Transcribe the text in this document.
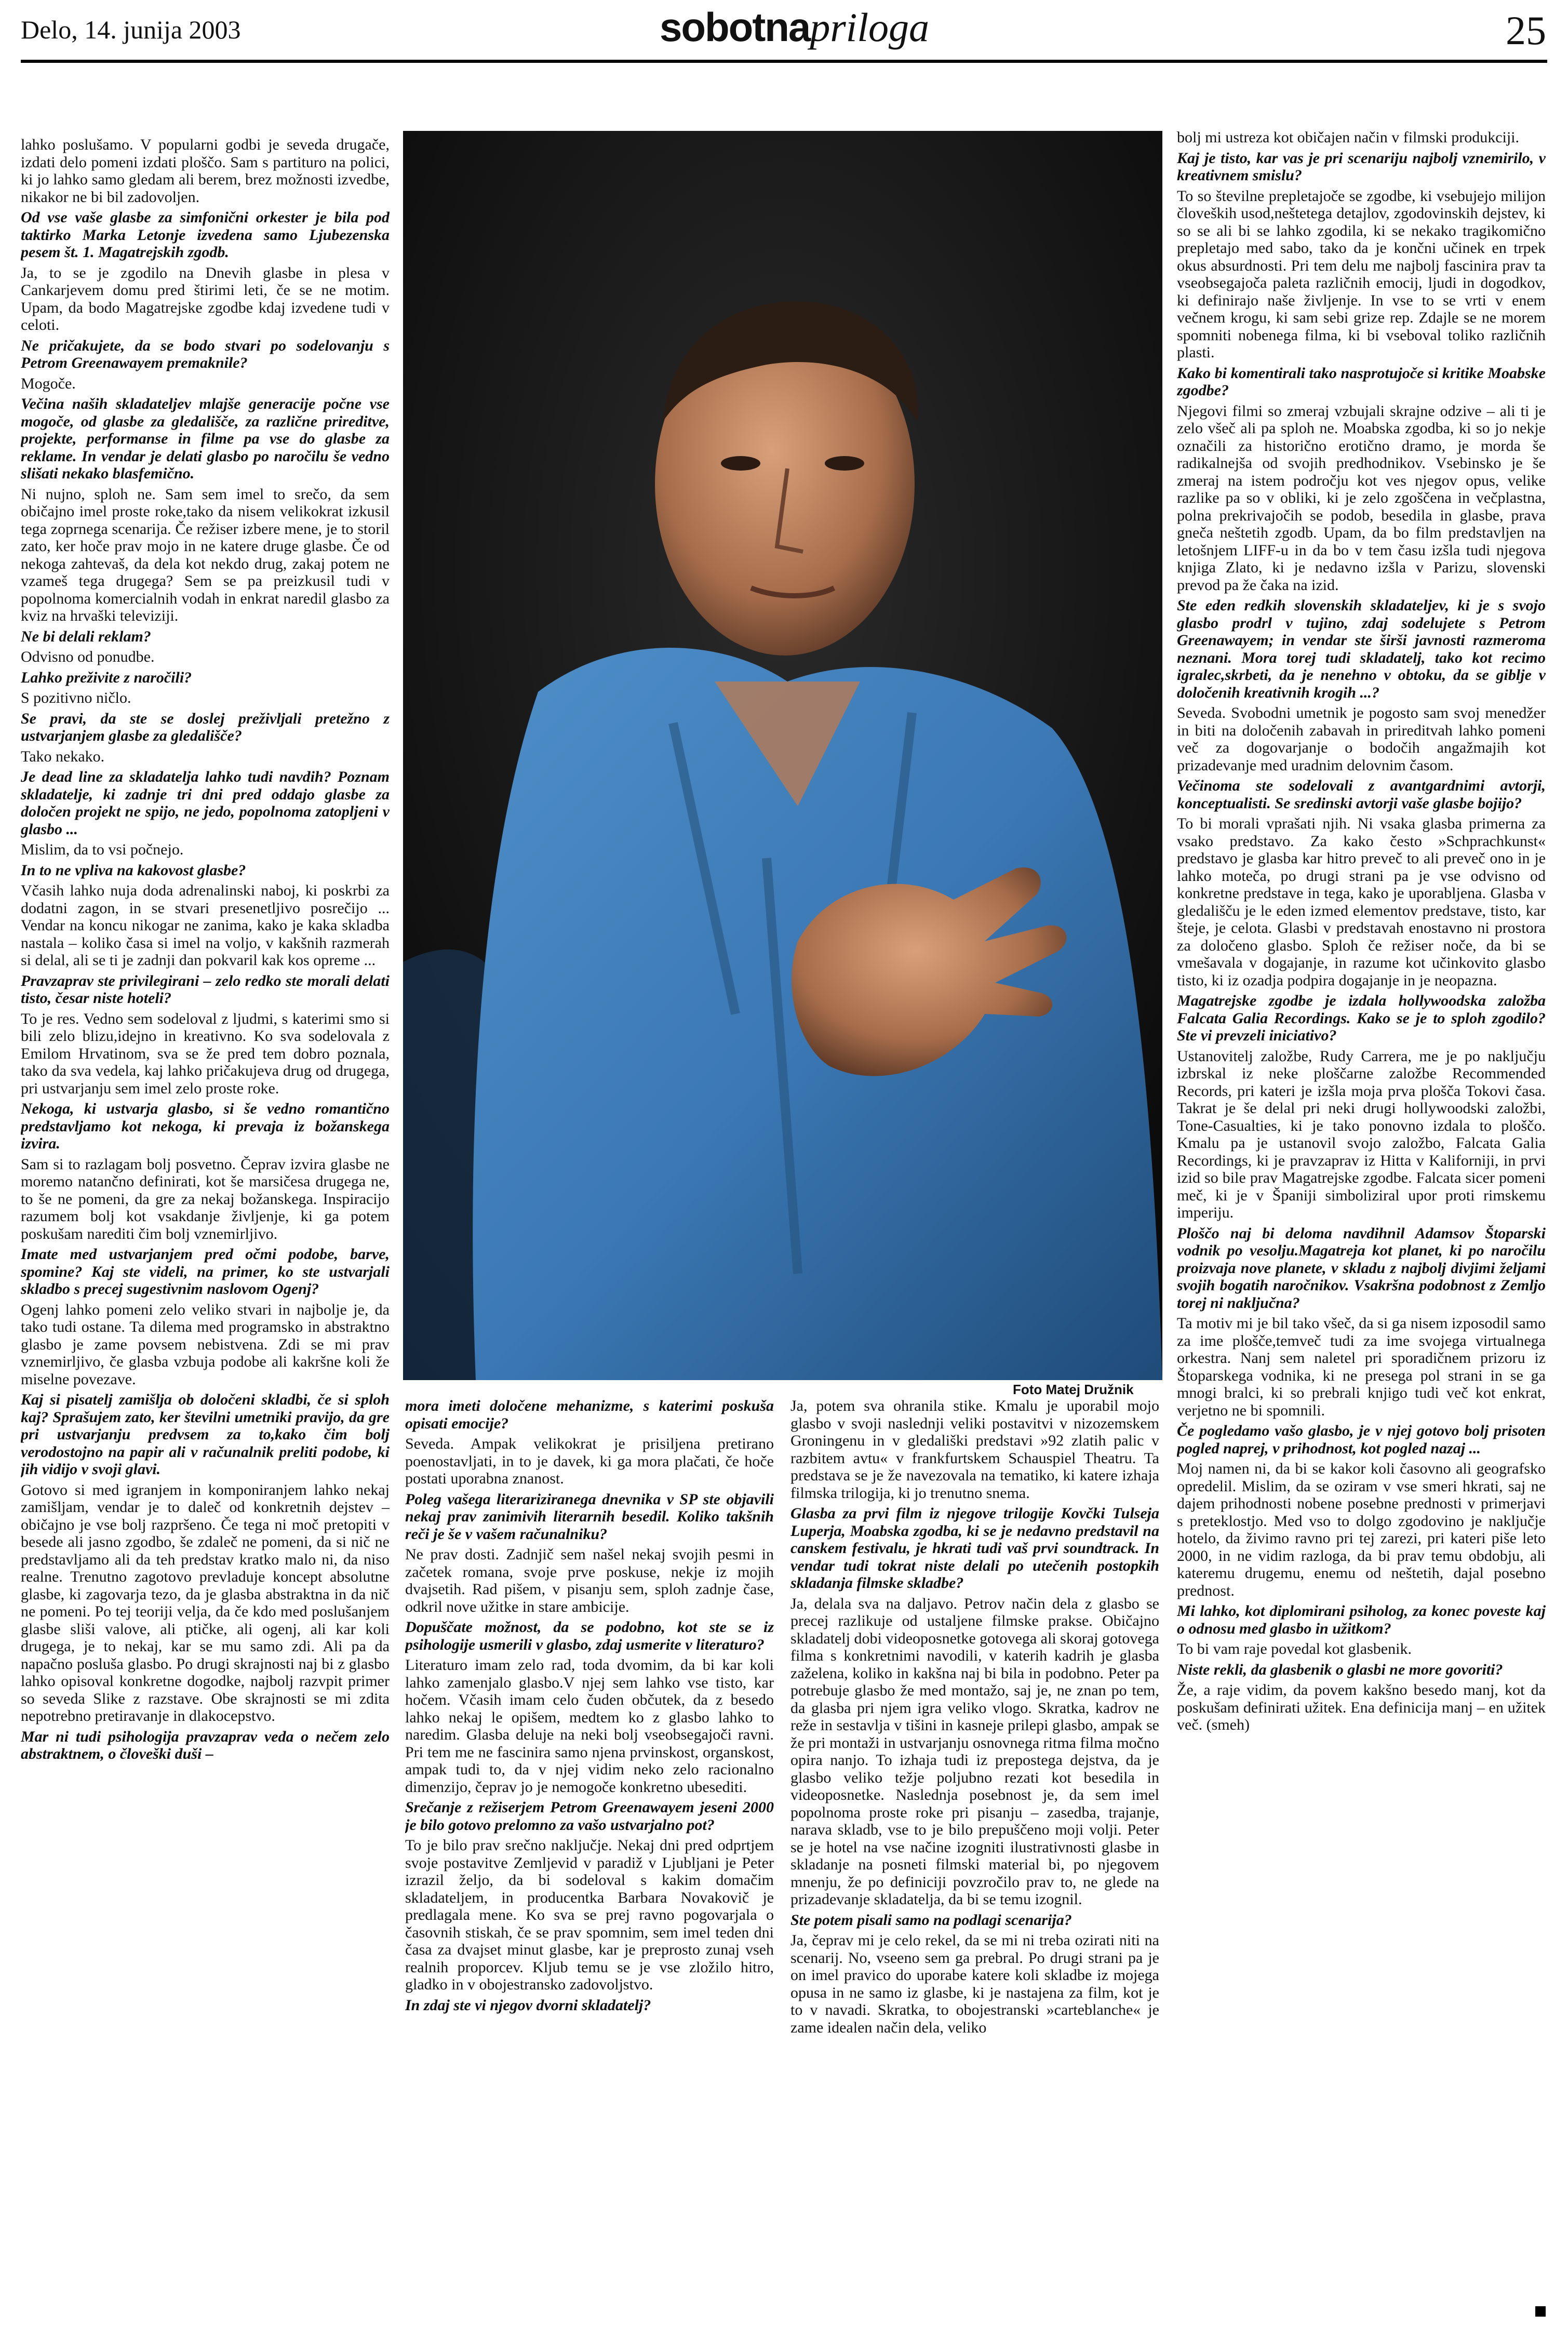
Delo, 14. junija 2003	sobotnapriloga	25

lahko poslušamo. V popularni godbi je seveda drugače, izdati delo pomeni izdati ploščo. Sam s partituro na polici, ki jo lahko samo gledam ali berem, brez možnosti izvedbe, nikakor ne bi bil zadovoljen.

Od vse vaše glasbe za simfonični orkester je bila pod taktirko Marka Letonje izvedena samo Ljubezenska pesem št. 1. Magatrejskih zgodb.

Ja, to se je zgodilo na Dnevih glasbe in plesa v Cankarjevem domu pred štirimi leti, če se ne motim. Upam, da bodo Magatrejske zgodbe kdaj izvedene tudi v celoti.

Ne pričakujete, da se bodo stvari po sodelovanju s Petrom Greenawayem premaknile?

Mogoče.

Večina naših skladateljev mlajše generacije počne vse mogoče, od glasbe za gledališče, za različne prireditve, projekte, performanse in filme pa vse do glasbe za reklame. In vendar je delati glasbo po naročilu še vedno slišati nekako blasfemično.

Ni nujno, sploh ne. Sam sem imel to srečo, da sem običajno imel proste roke,tako da nisem velikokrat izkusil tega zoprnega scenarija. Če režiser izbere mene, je to storil zato, ker hoče prav mojo in ne katere druge glasbe. Če od nekoga zahtevaš, da dela kot nekdo drug, zakaj potem ne vzameš tega drugega? Sem se pa preizkusil tudi v popolnoma komercialnih vodah in enkrat naredil glasbo za kviz na hrvaški televiziji.

Ne bi delali reklam?

Odvisno od ponudbe.

Lahko preživite z naročili?

S pozitivno ničlo.

Se pravi, da ste se doslej preživljali pretežno z ustvarjanjem glasbe za gledališče?

Tako nekako.

Je dead line za skladatelja lahko tudi navdih? Poznam skladatelje, ki zadnje tri dni pred oddajo glasbe za določen projekt ne spijo, ne jedo, popolnoma zatopljeni v glasbo ...

Mislim, da to vsi počnejo.

In to ne vpliva na kakovost glasbe?

Včasih lahko nuja doda adrenalinski naboj, ki poskrbi za dodatni zagon, in se stvari presenetljivo posrečijo ... Vendar na koncu nikogar ne zanima, kako je kaka skladba nastala – koliko časa si imel na voljo, v kakšnih razmerah si delal, ali se ti je zadnji dan pokvaril kak kos opreme ...

Pravzaprav ste privilegirani – zelo redko ste morali delati tisto, česar niste hoteli?

To je res. Vedno sem sodeloval z ljudmi, s katerimi smo si bili zelo blizu,idejno in kreativno. Ko sva sodelovala z Emilom Hrvatinom, sva se že pred tem dobro poznala, tako da sva vedela, kaj lahko pričakujeva drug od drugega, pri ustvarjanju sem imel zelo proste roke.

Nekoga, ki ustvarja glasbo, si še vedno romantično predstavljamo kot nekoga, ki prevaja iz božanskega izvira.

Sam si to razlagam bolj posvetno. Čeprav izvira glasbe ne moremo natančno definirati, kot še marsičesa drugega ne, to še ne pomeni, da gre za nekaj božanskega. Inspiracijo razumem bolj kot vsakdanje življenje, ki ga potem poskušam narediti čim bolj vznemirljivo.

Imate med ustvarjanjem pred očmi podobe, barve, spomine? Kaj ste videli, na primer, ko ste ustvarjali skladbo s precej sugestivnim naslovom Ogenj?

Ogenj lahko pomeni zelo veliko stvari in najbolje je, da tako tudi ostane. Ta dilema med programsko in abstraktno glasbo je zame povsem nebistvena. Zdi se mi prav vznemirljivo, če glasba vzbuja podobe ali kakršne koli že miselne povezave.

Kaj si pisatelj zamišlja ob določeni skladbi, če si sploh kaj? Sprašujem zato, ker številni umetniki pravijo, da gre pri ustvarjanju predvsem za to,kako čim bolj verodostojno na papir ali v računalnik preliti podobe, ki jih vidijo v svoji glavi.

Gotovo si med igranjem in komponiranjem lahko nekaj zamišljam, vendar je to daleč od konkretnih dejstev – običajno je vse bolj razpršeno. Če tega ni moč pretopiti v besede ali jasno zgodbo, še zdaleč ne pomeni, da si nič ne predstavljamo ali da teh predstav kratko malo ni, da niso realne. Trenutno zagotovo prevladuje koncept absolutne glasbe, ki zagovarja tezo, da je glasba abstraktna in da nič ne pomeni. Po tej teoriji velja, da če kdo med poslušanjem glasbe sliši valove, ali ptičke, ali ogenj, ali kar koli drugega, je to nekaj, kar se mu samo zdi. Ali pa da napačno posluša glasbo. Po drugi skrajnosti naj bi z glasbo lahko opisoval konkretne dogodke, najbolj razvpit primer so seveda Slike z razstave. Obe skrajnosti se mi zdita nepotrebno pretiravanje in dlakocepstvo.

Mar ni tudi psihologija pravzaprav veda o nečem zelo abstraktnem, o človeški duši –

Foto Matej Družnik

mora imeti določene mehanizme, s katerimi poskuša opisati emocije?

Seveda. Ampak velikokrat je prisiljena pretirano poenostavljati, in to je davek, ki ga mora plačati, če hoče postati uporabna znanost.

Poleg vašega literariziranega dnevnika v SP ste objavili nekaj prav zanimivih literarnih besedil. Koliko takšnih reči je še v vašem računalniku?

Ne prav dosti. Zadnjič sem našel nekaj svojih pesmi in začetek romana, svoje prve poskuse, nekje iz mojih dvajsetih. Rad pišem, v pisanju sem, sploh zadnje čase, odkril nove užitke in stare ambicije.

Dopuščate možnost, da se podobno, kot ste se iz psihologije usmerili v glasbo, zdaj usmerite v literaturo?

Literaturo imam zelo rad, toda dvomim, da bi kar koli lahko zamenjalo glasbo.V njej sem lahko vse tisto, kar hočem. Včasih imam celo čuden občutek, da z besedo lahko nekaj le opišem, medtem ko z glasbo lahko to naredim. Glasba deluje na neki bolj vseobsegajoči ravni. Pri tem me ne fascinira samo njena prvinskost, organskost, ampak tudi to, da v njej vidim neko zelo racionalno dimenzijo, čeprav jo je nemogoče konkretno ubesediti.

Srečanje z režiserjem Petrom Greenawayem jeseni 2000 je bilo gotovo prelomno za vašo ustvarjalno pot?

To je bilo prav srečno naključje. Nekaj dni pred odprtjem svoje postavitve Zemljevid v paradiž v Ljubljani je Peter izrazil željo, da bi sodeloval s kakim domačim skladateljem, in producentka Barbara Novakovič je predlagala mene. Ko sva se prej ravno pogovarjala o časovnih stiskah, če se prav spomnim, sem imel teden dni časa za dvajset minut glasbe, kar je preprosto zunaj vseh realnih proporcev. Kljub temu se je vse zložilo hitro, gladko in v obojestransko zadovoljstvo.

In zdaj ste vi njegov dvorni skladatelj?

Ja, potem sva ohranila stike. Kmalu je uporabil mojo glasbo v svoji naslednji veliki postavitvi v nizozemskem Groningenu in v gledališki predstavi »92 zlatih palic v razbitem avtu« v frankfurtskem Schauspiel Theatru. Ta predstava se je že navezovala na tematiko, ki katere izhaja filmska trilogija, ki jo trenutno snema.

Glasba za prvi film iz njegove trilogije Kovčki Tulseja Luperja, Moabska zgodba, ki se je nedavno predstavil na canskem festivalu, je hkrati tudi vaš prvi soundtrack. In vendar tudi tokrat niste delali po utečenih postopkih skladanja filmske skladbe?

Ja, delala sva na daljavo. Petrov način dela z glasbo se precej razlikuje od ustaljene filmske prakse. Običajno skladatelj dobi videoposnetke gotovega ali skoraj gotovega filma s konkretnimi navodili, v katerih kadrih je glasba zaželena, koliko in kakšna naj bi bila in podobno. Peter pa potrebuje glasbo že med montažo, saj je, ne znan po tem, da glasba pri njem igra veliko vlogo. Skratka, kadrov ne reže in sestavlja v tišini in kasneje prilepi glasbo, ampak se že pri montaži in ustvarjanju osnovnega ritma filma močno opira nanjo. To izhaja tudi iz prepostega dejstva, da je glasbo veliko težje poljubno rezati kot besedila in videoposnetke. Naslednja posebnost je, da sem imel popolnoma proste roke pri pisanju – zasedba, trajanje, narava skladb, vse to je bilo prepuščeno moji volji. Peter se je hotel na vse načine izogniti ilustrativnosti glasbe in skladanje na posneti filmski material bi, po njegovem mnenju, že po definiciji povzročilo prav to, ne glede na prizadevanje skladatelja, da bi se temu izognil.

Ste potem pisali samo na podlagi scenarija?

Ja, čeprav mi je celo rekel, da se mi ni treba ozirati niti na scenarij. No, vseeno sem ga prebral. Po drugi strani pa je on imel pravico do uporabe katere koli skladbe iz mojega opusa in ne samo iz glasbe, ki je nastajena za film, kot je to v navadi. Skratka, to obojestranski »carteblanche« je zame idealen način dela, veliko

bolj mi ustreza kot običajen način v filmski produkciji.

Kaj je tisto, kar vas je pri scenariju najbolj vznemirilo, v kreativnem smislu?

To so številne prepletajoče se zgodbe, ki vsebujejo milijon človeških usod,neštetega detajlov, zgodovinskih dejstev, ki so se ali bi se lahko zgodila, ki se nekako tragikomično prepletajo med sabo, tako da je končni učinek en trpek okus absurdnosti. Pri tem delu me najbolj fascinira prav ta vseobsegajoča paleta različnih emocij, ljudi in dogodkov, ki definirajo naše življenje. In vse to se vrti v enem večnem krogu, ki sam sebi grize rep. Zdajle se ne morem spomniti nobenega filma, ki bi vseboval toliko različnih plasti.

Kako bi komentirali tako nasprotujoče si kritike Moabske zgodbe?

Njegovi filmi so zmeraj vzbujali skrajne odzive – ali ti je zelo všeč ali pa sploh ne. Moabska zgodba, ki so jo nekje označili za historično erotično dramo, je morda še radikalnejša od svojih predhodnikov. Vsebinsko je še zmeraj na istem področju kot ves njegov opus, velike razlike pa so v obliki, ki je zelo zgoščena in večplastna, polna prekrivajočih se podob, besedila in glasbe, prava gneča neštetih zgodb. Upam, da bo film predstavljen na letošnjem LIFF-u in da bo v tem času izšla tudi njegova knjiga Zlato, ki je nedavno izšla v Parizu, slovenski prevod pa že čaka na izid.

Ste eden redkih slovenskih skladateljev, ki je s svojo glasbo prodrl v tujino, zdaj sodelujete s Petrom Greenawayem; in vendar ste širši javnosti razmeroma neznani. Mora torej tudi skladatelj, tako kot recimo igralec,skrbeti, da je nenehno v obtoku, da se giblje v določenih kreativnih krogih ...?

Seveda. Svobodni umetnik je pogosto sam svoj menedžer in biti na določenih zabavah in prireditvah lahko pomeni več za dogovarjanje o bodočih angažmajih kot prizadevanje med uradnim delovnim časom.

Večinoma ste sodelovali z avantgardnimi avtorji, konceptualisti. Se sredinski avtorji vaše glasbe bojijo?

To bi morali vprašati njih. Ni vsaka glasba primerna za vsako predstavo. Za kako često »Schprachkunst« predstavo je glasba kar hitro preveč to ali preveč ono in je lahko moteča, po drugi strani pa je vse odvisno od konkretne predstave in tega, kako je uporabljena. Glasba v gledališču je le eden izmed elementov predstave, tisto, kar šteje, je celota. Glasbi v predstavah enostavno ni prostora za določeno glasbo. Sploh če režiser noče, da bi se vmešavala v dogajanje, in razume kot učinkovito glasbo tisto, ki iz ozadja podpira dogajanje in je neopazna.

Magatrejske zgodbe je izdala hollywoodska založba Falcata Galia Recordings. Kako se je to sploh zgodilo? Ste vi prevzeli iniciativo?

Ustanovitelj založbe, Rudy Carrera, me je po naključju izbrskal iz neke ploščarne založbe Recommended Records, pri kateri je izšla moja prva plošča Tokovi časa. Takrat je še delal pri neki drugi hollywoodski založbi, Tone-Casualties, ki je tako ponovno izdala to ploščo. Kmalu pa je ustanovil svojo založbo, Falcata Galia Recordings, ki je pravzaprav iz Hitta v Kaliforniji, in prvi izid so bile prav Magatrejske zgodbe. Falcata sicer pomeni meč, ki je v Španiji simboliziral upor proti rimskemu imperiju.

Ploščo naj bi deloma navdihnil Adamsov Štoparski vodnik po vesolju.Magatreja kot planet, ki po naročilu proizvaja nove planete, v skladu z najbolj divjimi željami svojih bogatih naročnikov. Vsakršna podobnost z Zemljo torej ni naključna?

Ta motiv mi je bil tako všeč, da si ga nisem izposodil samo za ime plošče,temveč tudi za ime svojega virtualnega orkestra. Nanj sem naletel pri sporadičnem prizoru iz Štoparskega vodnika, ki ne presega pol strani in se ga mnogi bralci, ki so prebrali knjigo tudi več kot enkrat, verjetno ne bi spomnili.

Če pogledamo vašo glasbo, je v njej gotovo bolj prisoten pogled naprej, v prihodnost, kot pogled nazaj ...

Moj namen ni, da bi se kakor koli časovno ali geografsko opredelil. Mislim, da se oziram v vse smeri hkrati, saj ne dajem prihodnosti nobene posebne prednosti v primerjavi s preteklostjo. Med vso to dolgo zgodovino je naključje hotelo, da živimo ravno pri tej zarezi, pri kateri piše leto 2000, in ne vidim razloga, da bi prav temu obdobju, ali kateremu drugemu, enemu od neštetih, dajal posebno prednost.

Mi lahko, kot diplomirani psiholog, za konec poveste kaj o odnosu med glasbo in užitkom?

To bi vam raje povedal kot glasbenik.

Niste rekli, da glasbenik o glasbi ne more govoriti?

Že, a raje vidim, da povem kakšno besedo manj, kot da poskušam definirati užitek. Ena definicija manj – en užitek več. (smeh)
